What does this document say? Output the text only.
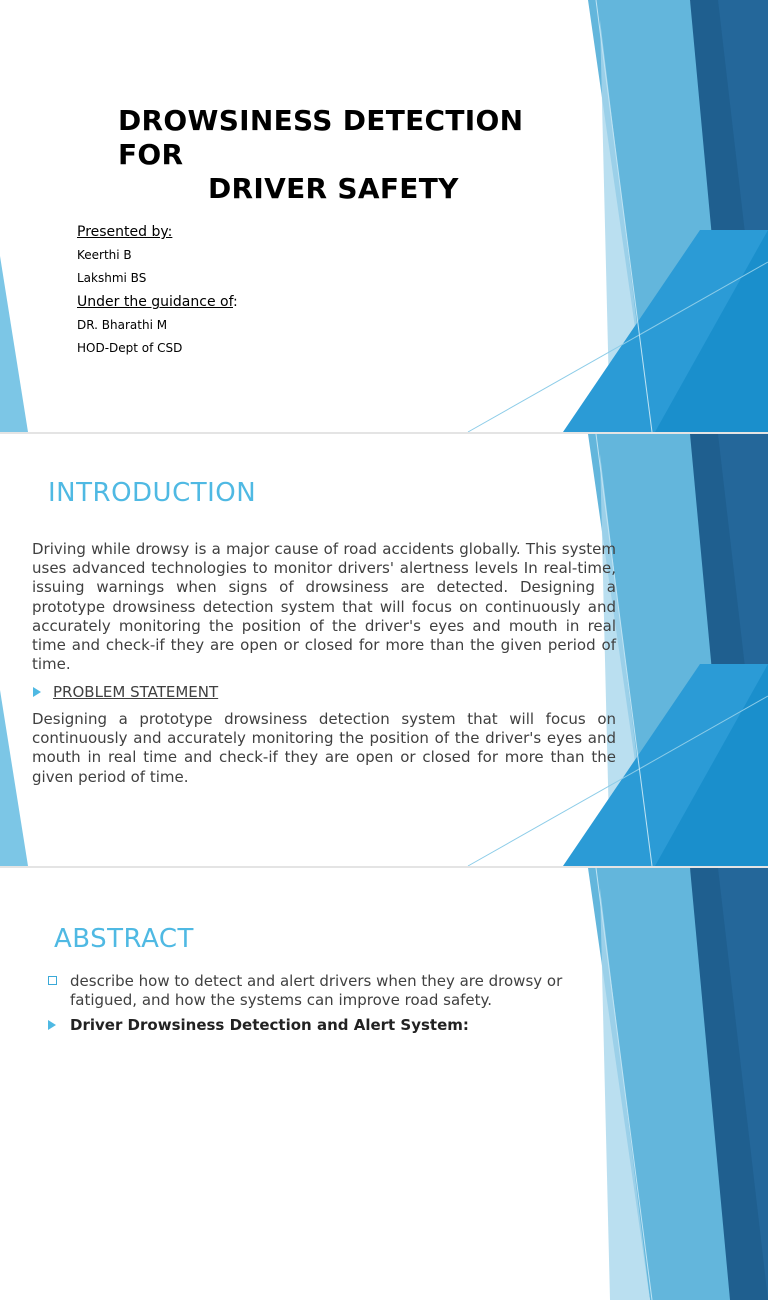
DROWSINESS DETECTION
FOR
DRIVER SAFETY
Presented by:
Keerthi B
Lakshmi BS
Under the guidance of:
DR. Bharathi M
HOD-Dept of CSD
INTRODUCTION

Driving while drowsy is a major cause of road accidents globally. This system uses advanced technologies to monitor drivers' alertness levels In real-time, issuing warnings when signs of drowsiness are detected. Designing a prototype drowsiness detection system that will focus on continuously and accurately monitoring the position of the driver's eyes and mouth in real time and check-if they are open or closed for more than the given period of time.

PROBLEM STATEMENT

Designing a prototype drowsiness detection system that will focus on continuously and accurately monitoring the position of the driver's eyes and mouth in real time and check-if they are open or closed for more than the given period of time.

ABSTRACT
describe how to detect and alert drivers when they are drowsy or fatigued, and how the systems can improve road safety.
Driver Drowsiness Detection and Alert System:
